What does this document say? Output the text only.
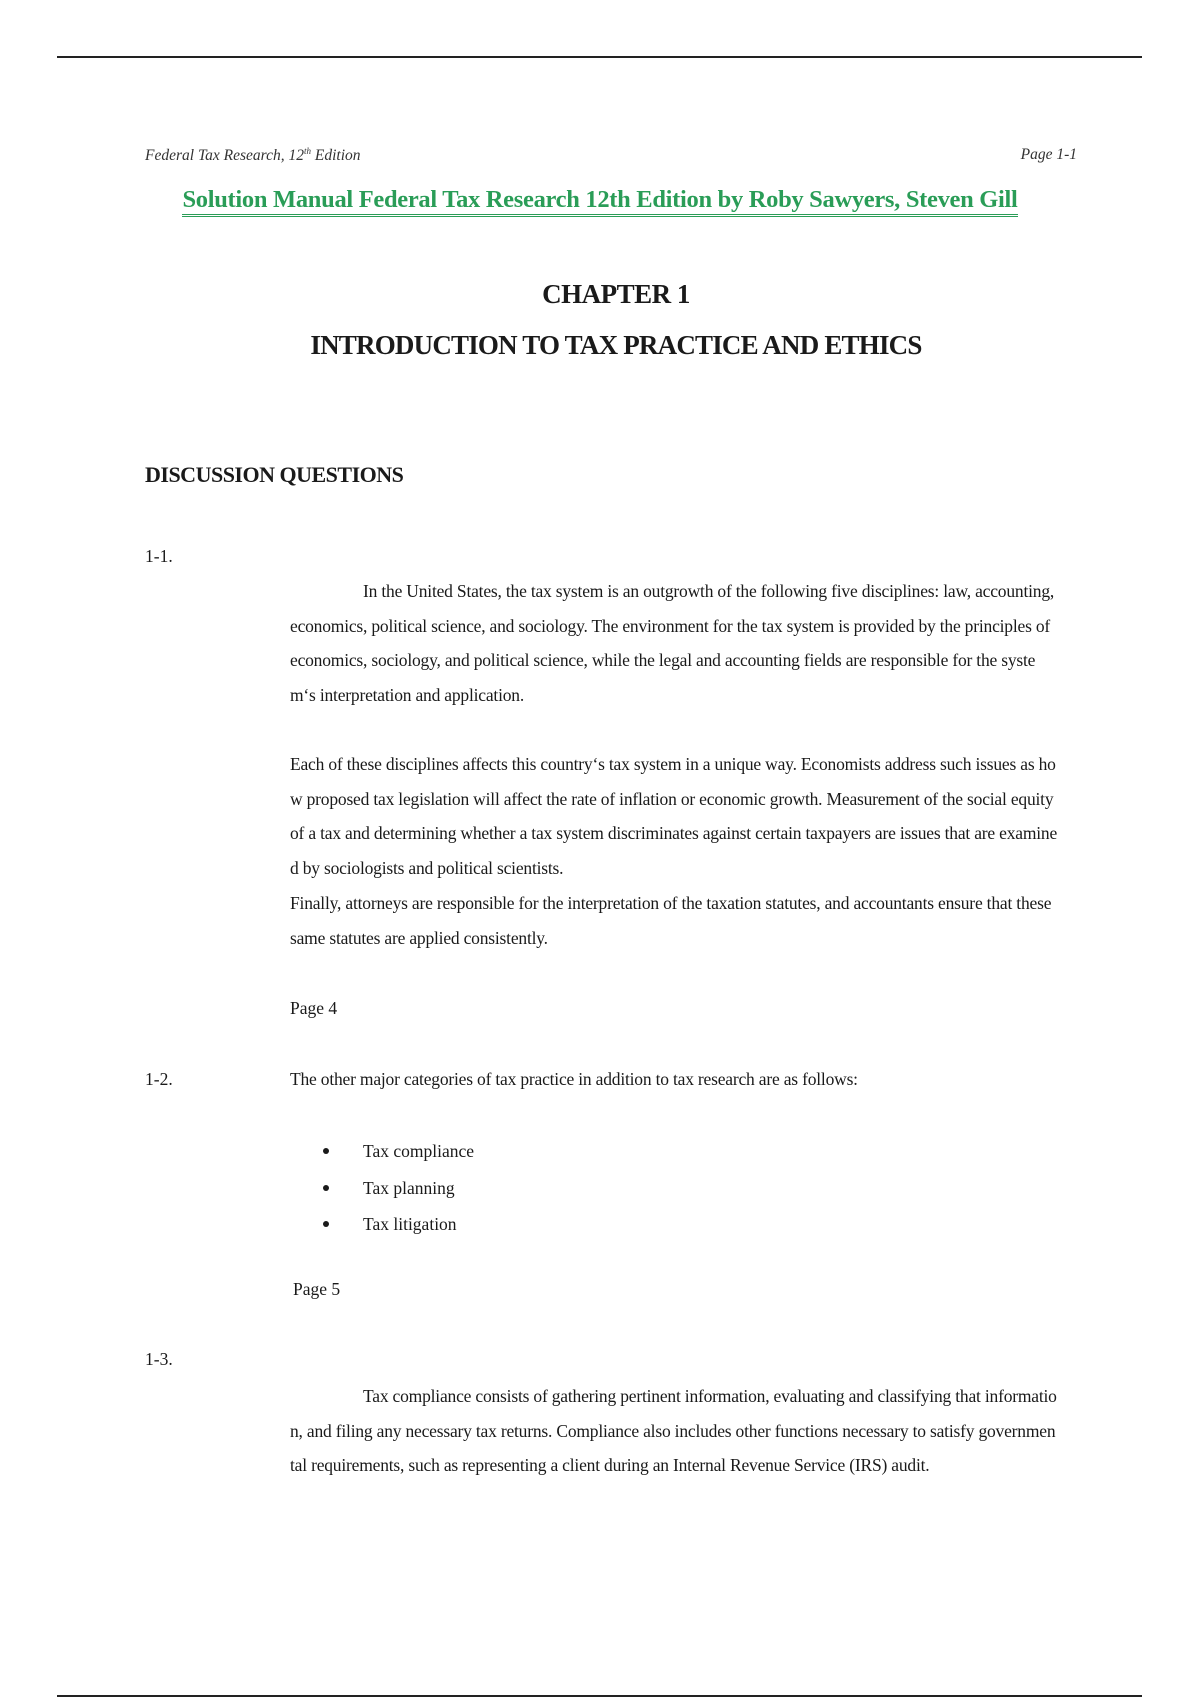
Federal Tax Research, 12th Edition	Page 1-1
Solution Manual Federal Tax Research 12th Edition by Roby Sawyers, Steven Gill
CHAPTER 1
INTRODUCTION TO TAX PRACTICE AND ETHICS
DISCUSSION QUESTIONS
1-1.
In the United States, the tax system is an outgrowth of the following five disciplines: law, accounting, economics, political science, and sociology. The environment for the tax system is provided by the principles of economics, sociology, and political science, while the legal and accounting fields are responsible for the system‘s interpretation and application.
Each of these disciplines affects this country‘s tax system in a unique way. Economists address such issues as how proposed tax legislation will affect the rate of inflation or economic growth. Measurement of the social equity of a tax and determining whether a tax system discriminates against certain taxpayers are issues that are examined by sociologists and political scientists.
Finally, attorneys are responsible for the interpretation of the taxation statutes, and accountants ensure that these same statutes are applied consistently.
Page 4
1-2.	The other major categories of tax practice in addition to tax research are as follows:
Tax compliance
Tax planning
Tax litigation
Page 5
1-3.
Tax compliance consists of gathering pertinent information, evaluating and classifying that information, and filing any necessary tax returns. Compliance also includes other functions necessary to satisfy governmental requirements, such as representing a client during an Internal Revenue Service (IRS) audit.
